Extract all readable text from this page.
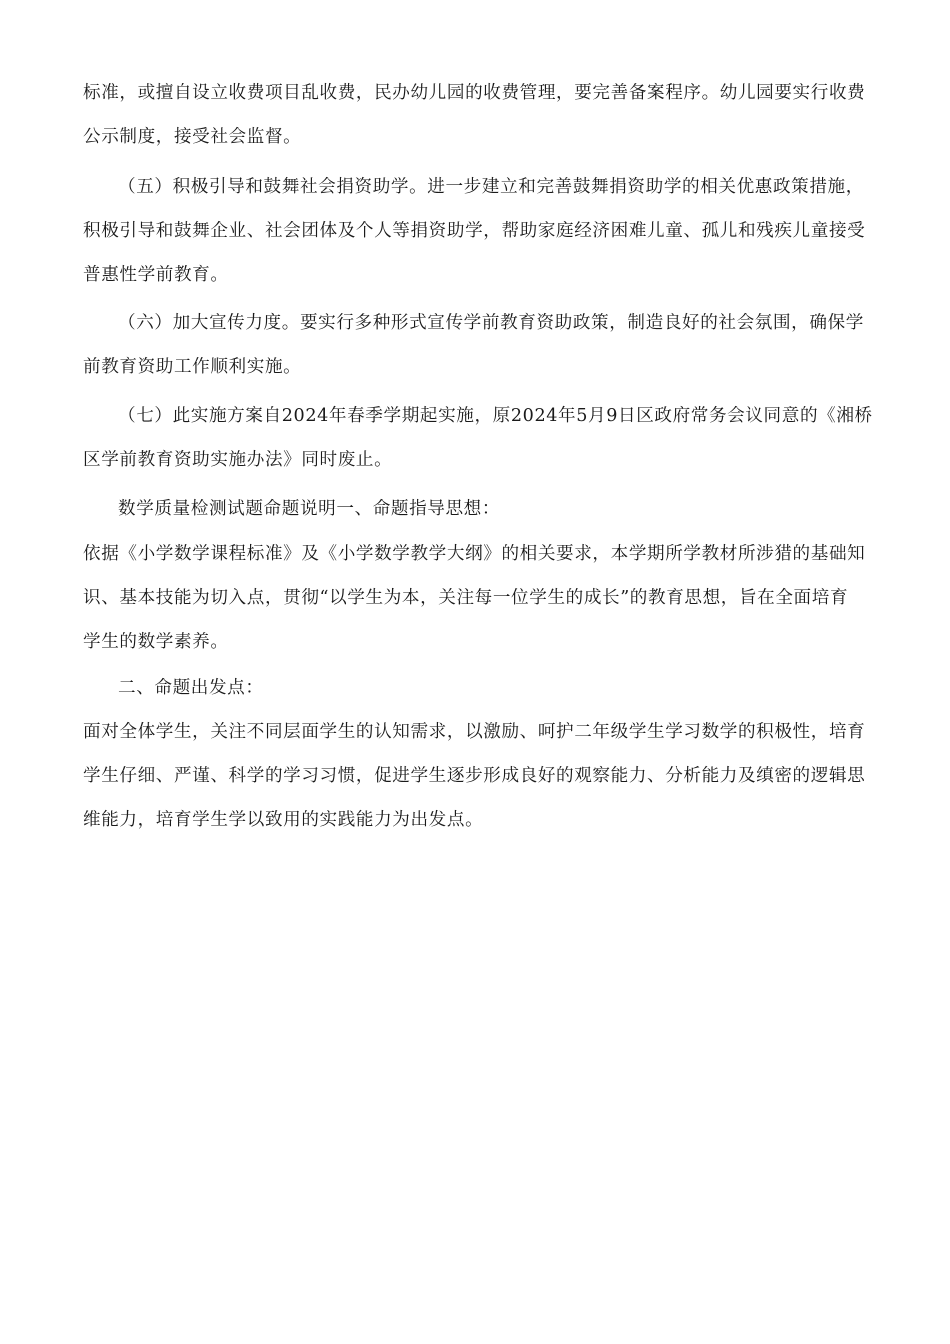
标准，或擅自设立收费项目乱收费，民办幼儿园的收费管理，要完善备案程序。幼儿园要实行收费
公示制度，接受社会监督。
（五）积极引导和鼓舞社会捐资助学。进一步建立和完善鼓舞捐资助学的相关优惠政策措施，
积极引导和鼓舞企业、社会团体及个人等捐资助学，帮助家庭经济困难儿童、孤儿和残疾儿童接受
普惠性学前教育。
（六）加大宣传力度。要实行多种形式宣传学前教育资助政策，制造良好的社会氛围，确保学
前教育资助工作顺利实施。
（七）此实施方案自2024年春季学期起实施，原2024年5月9日区政府常务会议同意的《湘桥
区学前教育资助实施办法》同时废止。
数学质量检测试题命题说明一、命题指导思想：
依据《小学数学课程标准》及《小学数学教学大纲》的相关要求，本学期所学教材所涉猎的基础知
识、基本技能为切入点，贯彻“以学生为本，关注每一位学生的成长”的教育思想，旨在全面培育
学生的数学素养。
二、命题出发点：
面对全体学生，关注不同层面学生的认知需求，以激励、呵护二年级学生学习数学的积极性，培育
学生仔细、严谨、科学的学习习惯，促进学生逐步形成良好的观察能力、分析能力及缜密的逻辑思
维能力，培育学生学以致用的实践能力为出发点。
